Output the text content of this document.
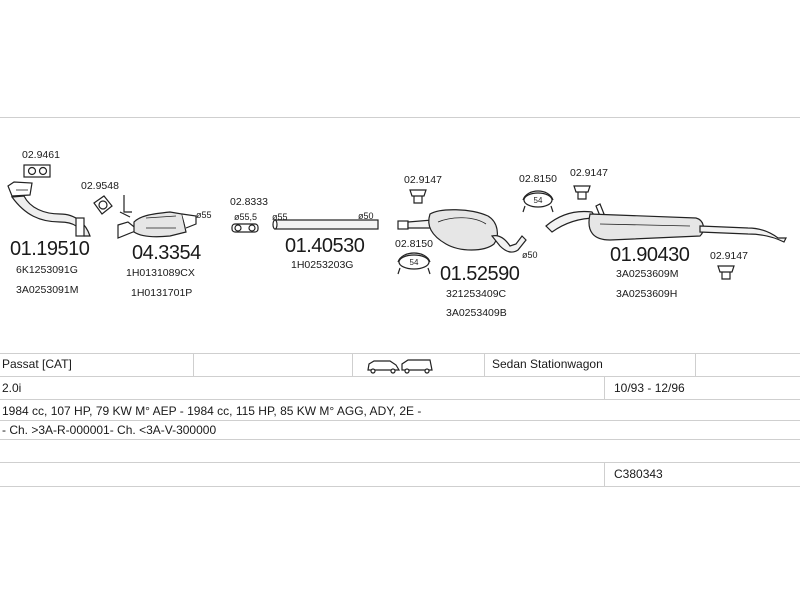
54
54
02.9461
02.9548
02.8333
02.9147
02.8150
02.8150 02.9147
02.9147
ø55 ø55,5 ø55	ø50
ø50
01.19510
6K1253091G
3A0253091M
04.3354
1H0131089CX
1H0131701P
01.40530
1H0253203G	01.52590
321253409C
3A0253409B
01.90430
3A0253609M
3A0253609H
Passat [CAT]	Sedan Stationwagon
2.0i	10/93 - 12/96
1984 cc, 107 HP, 79 KW M° AEP - 1984 cc, 115 HP, 85 KW M° AGG, ADY, 2E -
- Ch. >3A-R-000001- Ch. <3A-V-300000
C380343
